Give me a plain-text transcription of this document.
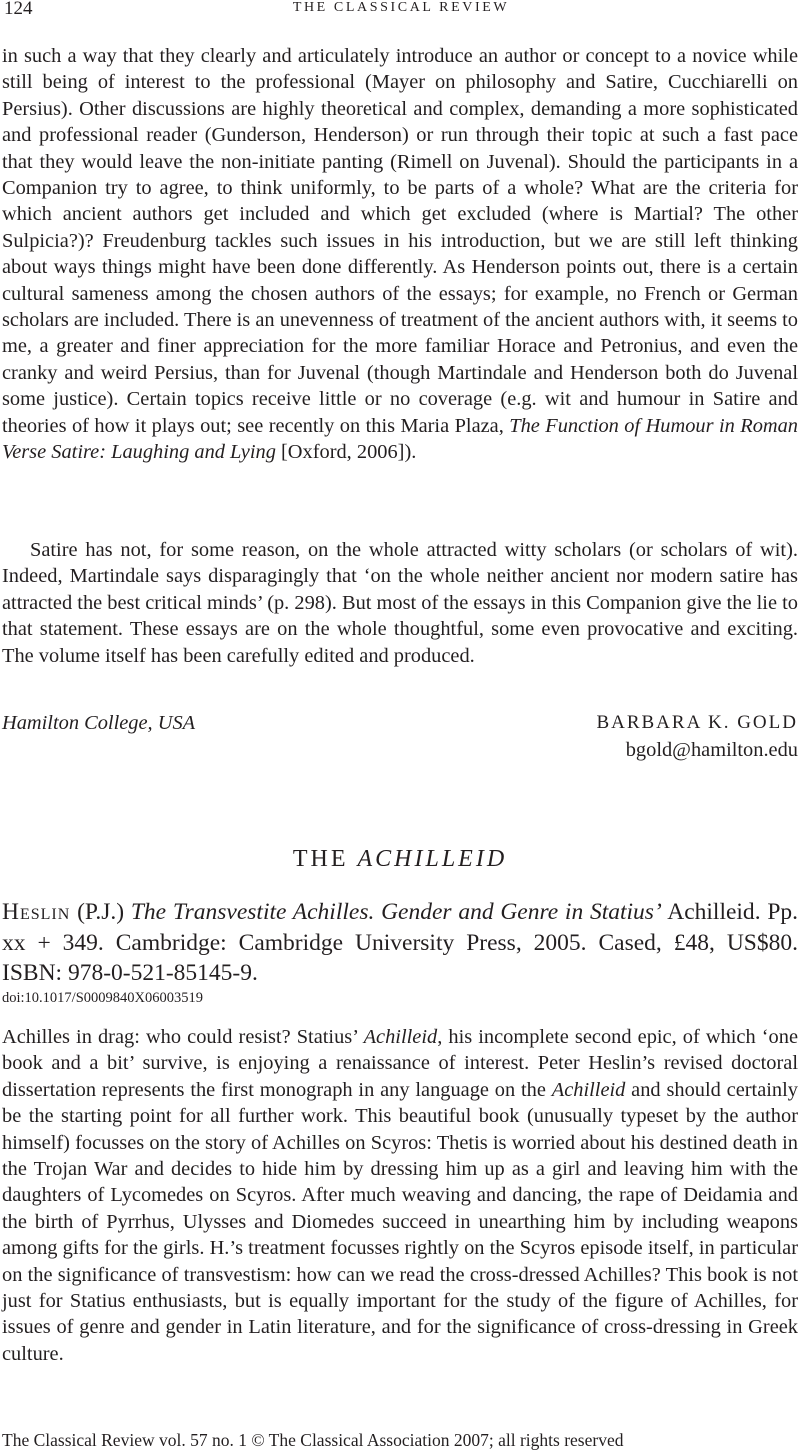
124	THE CLASSICAL REVIEW

in such a way that they clearly and articulately introduce an author or concept to a novice while still being of interest to the professional (Mayer on philosophy and Satire, Cucchiarelli on Persius). Other discussions are highly theoretical and complex, demanding a more sophisticated and professional reader (Gunderson, Henderson) or run through their topic at such a fast pace that they would leave the non-initiate panting (Rimell on Juvenal). Should the participants in a Companion try to agree, to think uniformly, to be parts of a whole? What are the criteria for which ancient authors get included and which get excluded (where is Martial? The other Sulpicia?)? Freudenburg tackles such issues in his introduction, but we are still left thinking about ways things might have been done differently. As Henderson points out, there is a certain cultural sameness among the chosen authors of the essays; for example, no French or German scholars are included. There is an unevenness of treatment of the ancient authors with, it seems to me, a greater and finer appreciation for the more familiar Horace and Petronius, and even the cranky and weird Persius, than for Juvenal (though Martindale and Henderson both do Juvenal some justice). Certain topics receive little or no coverage (e.g. wit and humour in Satire and theories of how it plays out; see recently on this Maria Plaza, The Function of Humour in Roman Verse Satire: Laughing and Lying [Oxford, 2006]).

Satire has not, for some reason, on the whole attracted witty scholars (or scholars of wit). Indeed, Martindale says disparagingly that ‘on the whole neither ancient nor modern satire has attracted the best critical minds’ (p. 298). But most of the essays in this Companion give the lie to that statement. These essays are on the whole thoughtful, some even provocative and exciting. The volume itself has been carefully edited and produced.

Hamilton College, USA	BARBARA K. GOLD
bgold@hamilton.edu
THE ACHILLEID
Heslin (P.J.) The Transvestite Achilles. Gender and Genre in Statius’ Achilleid. Pp. xx + 349. Cambridge: Cambridge University Press, 2005. Cased, £48, US$80. ISBN: 978-0-521-85145-9.
doi:10.1017/S0009840X06003519

Achilles in drag: who could resist? Statius’ Achilleid, his incomplete second epic, of which ‘one book and a bit’ survive, is enjoying a renaissance of interest. Peter Heslin’s revised doctoral dissertation represents the first monograph in any language on the Achilleid and should certainly be the starting point for all further work. This beautiful book (unusually typeset by the author himself) focusses on the story of Achilles on Scyros: Thetis is worried about his destined death in the Trojan War and decides to hide him by dressing him up as a girl and leaving him with the daughters of Lycomedes on Scyros. After much weaving and dancing, the rape of Deidamia and the birth of Pyrrhus, Ulysses and Diomedes succeed in unearthing him by including weapons among gifts for the girls. H.’s treatment focusses rightly on the Scyros episode itself, in particular on the significance of transvestism: how can we read the cross-dressed Achilles? This book is not just for Statius enthusiasts, but is equally important for the study of the figure of Achilles, for issues of genre and gender in Latin literature, and for the significance of cross-dressing in Greek culture.

The Classical Review vol. 57 no. 1 © The Classical Association 2007; all rights reserved
